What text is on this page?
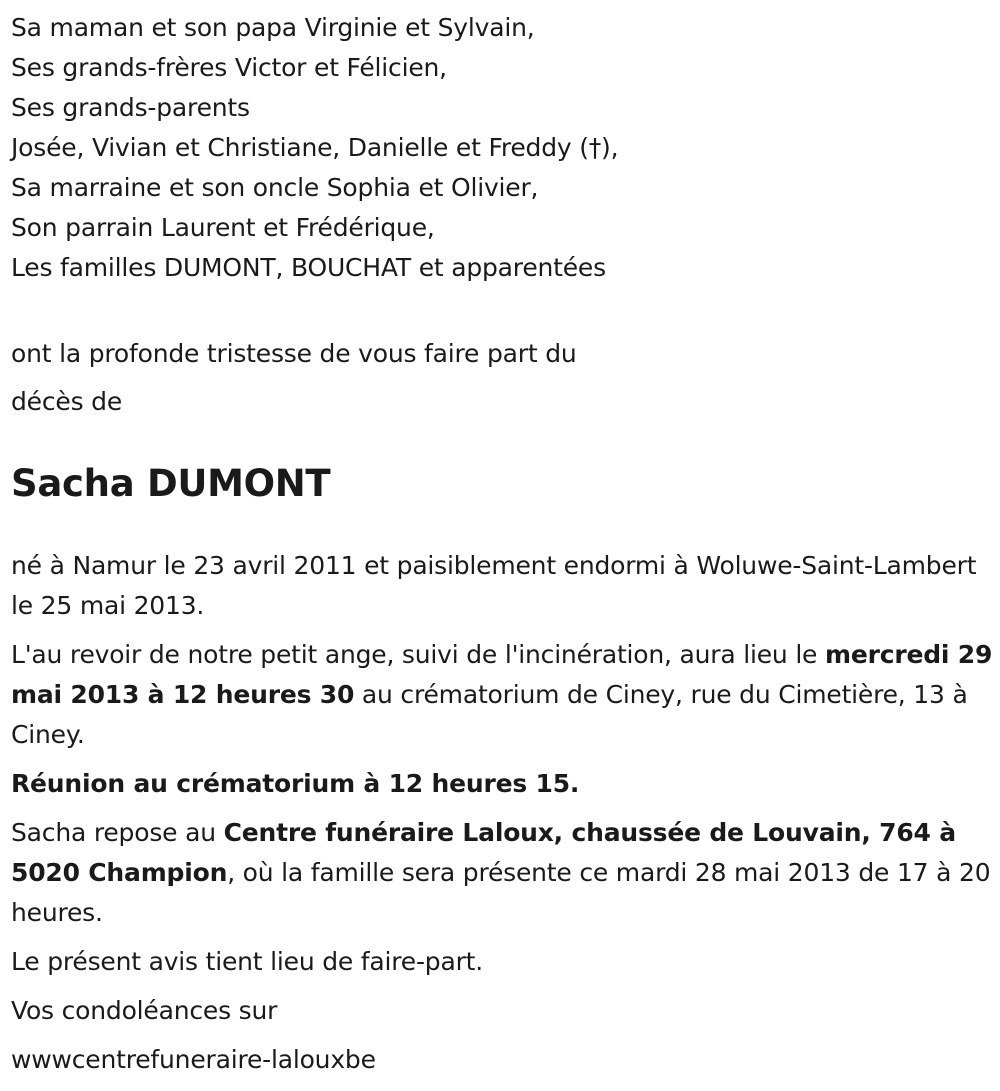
Sa maman et son papa Virginie et Sylvain,
Ses grands-frères Victor et Félicien,
Ses grands-parents
Josée, Vivian et Christiane, Danielle et Freddy (†),
Sa marraine et son oncle Sophia et Olivier,
Son parrain Laurent et Frédérique,
Les familles DUMONT, BOUCHAT et apparentées
ont la profonde tristesse de vous faire part du
décès de
Sacha DUMONT

né à Namur le 23 avril 2011 et paisiblement endormi à Woluwe-Saint-Lambert le 25 mai 2013.

L'au revoir de notre petit ange, suivi de l'incinération, aura lieu le mercredi 29 mai 2013 à 12 heures 30 au crématorium de Ciney, rue du Cimetière, 13 à Ciney.

Réunion au crématorium à 12 heures 15.

Sacha repose au Centre funéraire Laloux, chaussée de Louvain, 764 à 5020 Champion, où la famille sera présente ce mardi 28 mai 2013 de 17 à 20 heures.

Le présent avis tient lieu de faire-part.

Vos condoléances sur

wwwcentrefuneraire-lalouxbe
